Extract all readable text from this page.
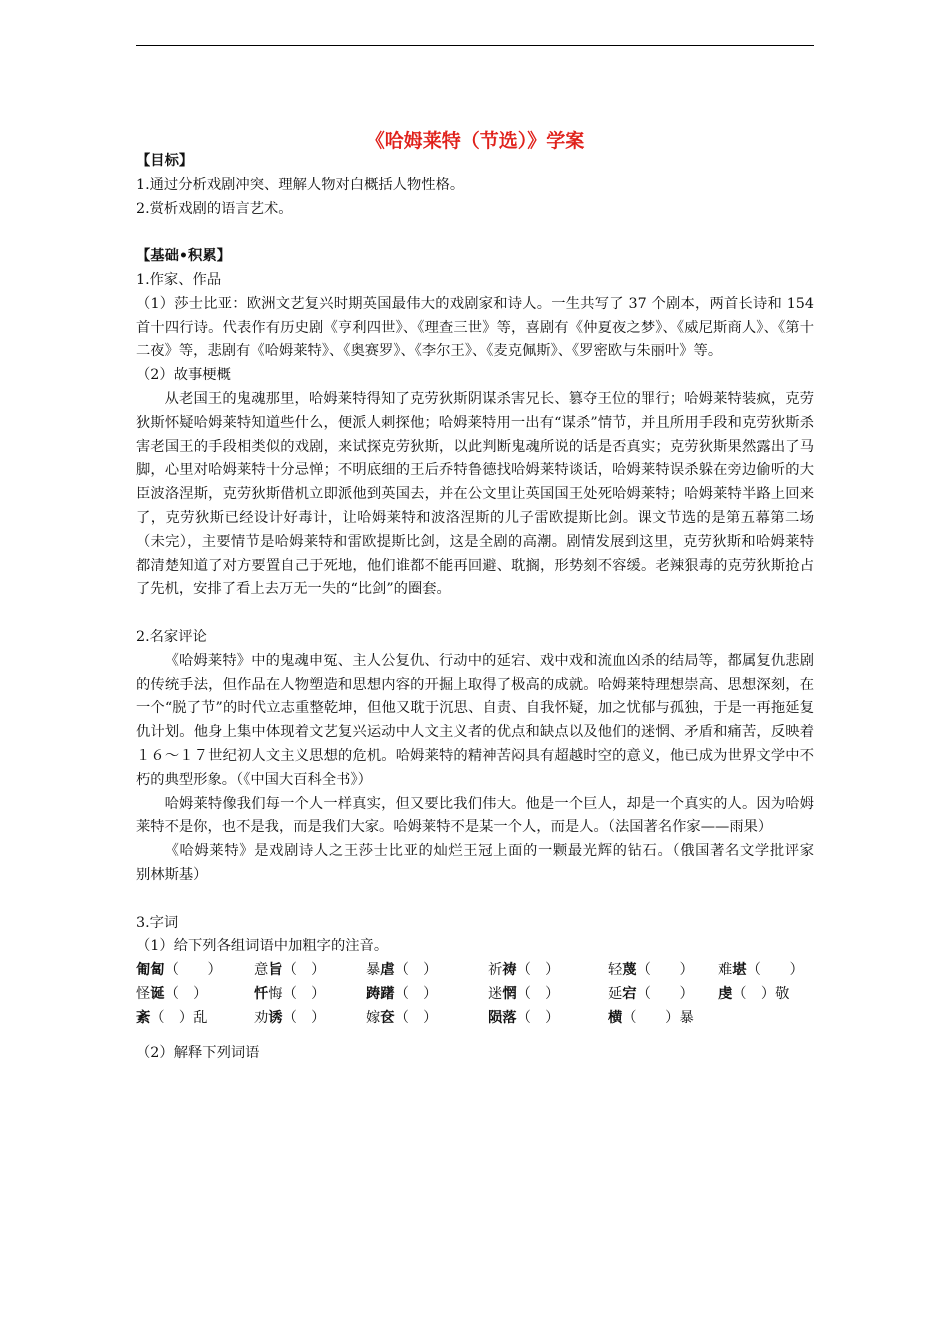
《哈姆莱特（节选）》学案

【目标】

1.通过分析戏剧冲突、理解人物对白概括人物性格。

2.赏析戏剧的语言艺术。

【基础•积累】

1.作家、作品

（1）莎士比亚：欧洲文艺复兴时期英国最伟大的戏剧家和诗人。一生共写了 37 个剧本，两首长诗和 154 首十四行诗。代表作有历史剧《亨利四世》、《理查三世》等，喜剧有《仲夏夜之梦》、《威尼斯商人》、《第十二夜》等，悲剧有《哈姆莱特》、《奥赛罗》、《李尔王》、《麦克佩斯》、《罗密欧与朱丽叶》等。

（2）故事梗概

从老国王的鬼魂那里，哈姆莱特得知了克劳狄斯阴谋杀害兄长、篡夺王位的罪行；哈姆莱特装疯，克劳狄斯怀疑哈姆莱特知道些什么，便派人刺探他；哈姆莱特用一出有“谋杀”情节，并且所用手段和克劳狄斯杀害老国王的手段相类似的戏剧，来试探克劳狄斯，以此判断鬼魂所说的话是否真实；克劳狄斯果然露出了马脚，心里对哈姆莱特十分忌惮；不明底细的王后乔特鲁德找哈姆莱特谈话，哈姆莱特误杀躲在旁边偷听的大臣波洛涅斯，克劳狄斯借机立即派他到英国去，并在公文里让英国国王处死哈姆莱特；哈姆莱特半路上回来了，克劳狄斯已经设计好毒计，让哈姆莱特和波洛涅斯的儿子雷欧提斯比剑。课文节选的是第五幕第二场（未完），主要情节是哈姆莱特和雷欧提斯比剑，这是全剧的高潮。剧情发展到这里，克劳狄斯和哈姆莱特都清楚知道了对方要置自己于死地，他们谁都不能再回避、耽搁，形势刻不容缓。老辣狠毒的克劳狄斯抢占了先机，安排了看上去万无一失的“比剑”的圈套。

2.名家评论

《哈姆莱特》中的鬼魂申冤、主人公复仇、行动中的延宕、戏中戏和流血凶杀的结局等，都属复仇悲剧的传统手法，但作品在人物塑造和思想内容的开掘上取得了极高的成就。哈姆莱特理想崇高、思想深刻，在一个“脱了节”的时代立志重整乾坤，但他又耽于沉思、自责、自我怀疑，加之忧郁与孤独，于是一再拖延复仇计划。他身上集中体现着文艺复兴运动中人文主义者的优点和缺点以及他们的迷惘、矛盾和痛苦，反映着１６～１７世纪初人文主义思想的危机。哈姆莱特的精神苦闷具有超越时空的意义，他已成为世界文学中不朽的典型形象。（《中国大百科全书》）

哈姆莱特像我们每一个人一样真实，但又要比我们伟大。他是一个巨人，却是一个真实的人。因为哈姆莱特不是你，也不是我，而是我们大家。哈姆莱特不是某一个人，而是人。（法国著名作家——雨果）

《哈姆莱特》是戏剧诗人之王莎士比亚的灿烂王冠上面的一颗最光辉的钻石。（俄国著名文学批评家　别林斯基）

3.字词

（1）给下列各组词语中加粗字的注音。

匍匐（　　）	意旨（　）	暴虐（　）	祈祷（　）	轻蔑（　　）	难堪（　　）
怪诞（　）	忏悔（　）	踌躇（　）	迷惘（　）	延宕（　　）	虔（　）敬
紊（　）乱	劝诱（　）	嫁奁（　）	陨落（　）	横（　　）暴

（2）解释下列词语
